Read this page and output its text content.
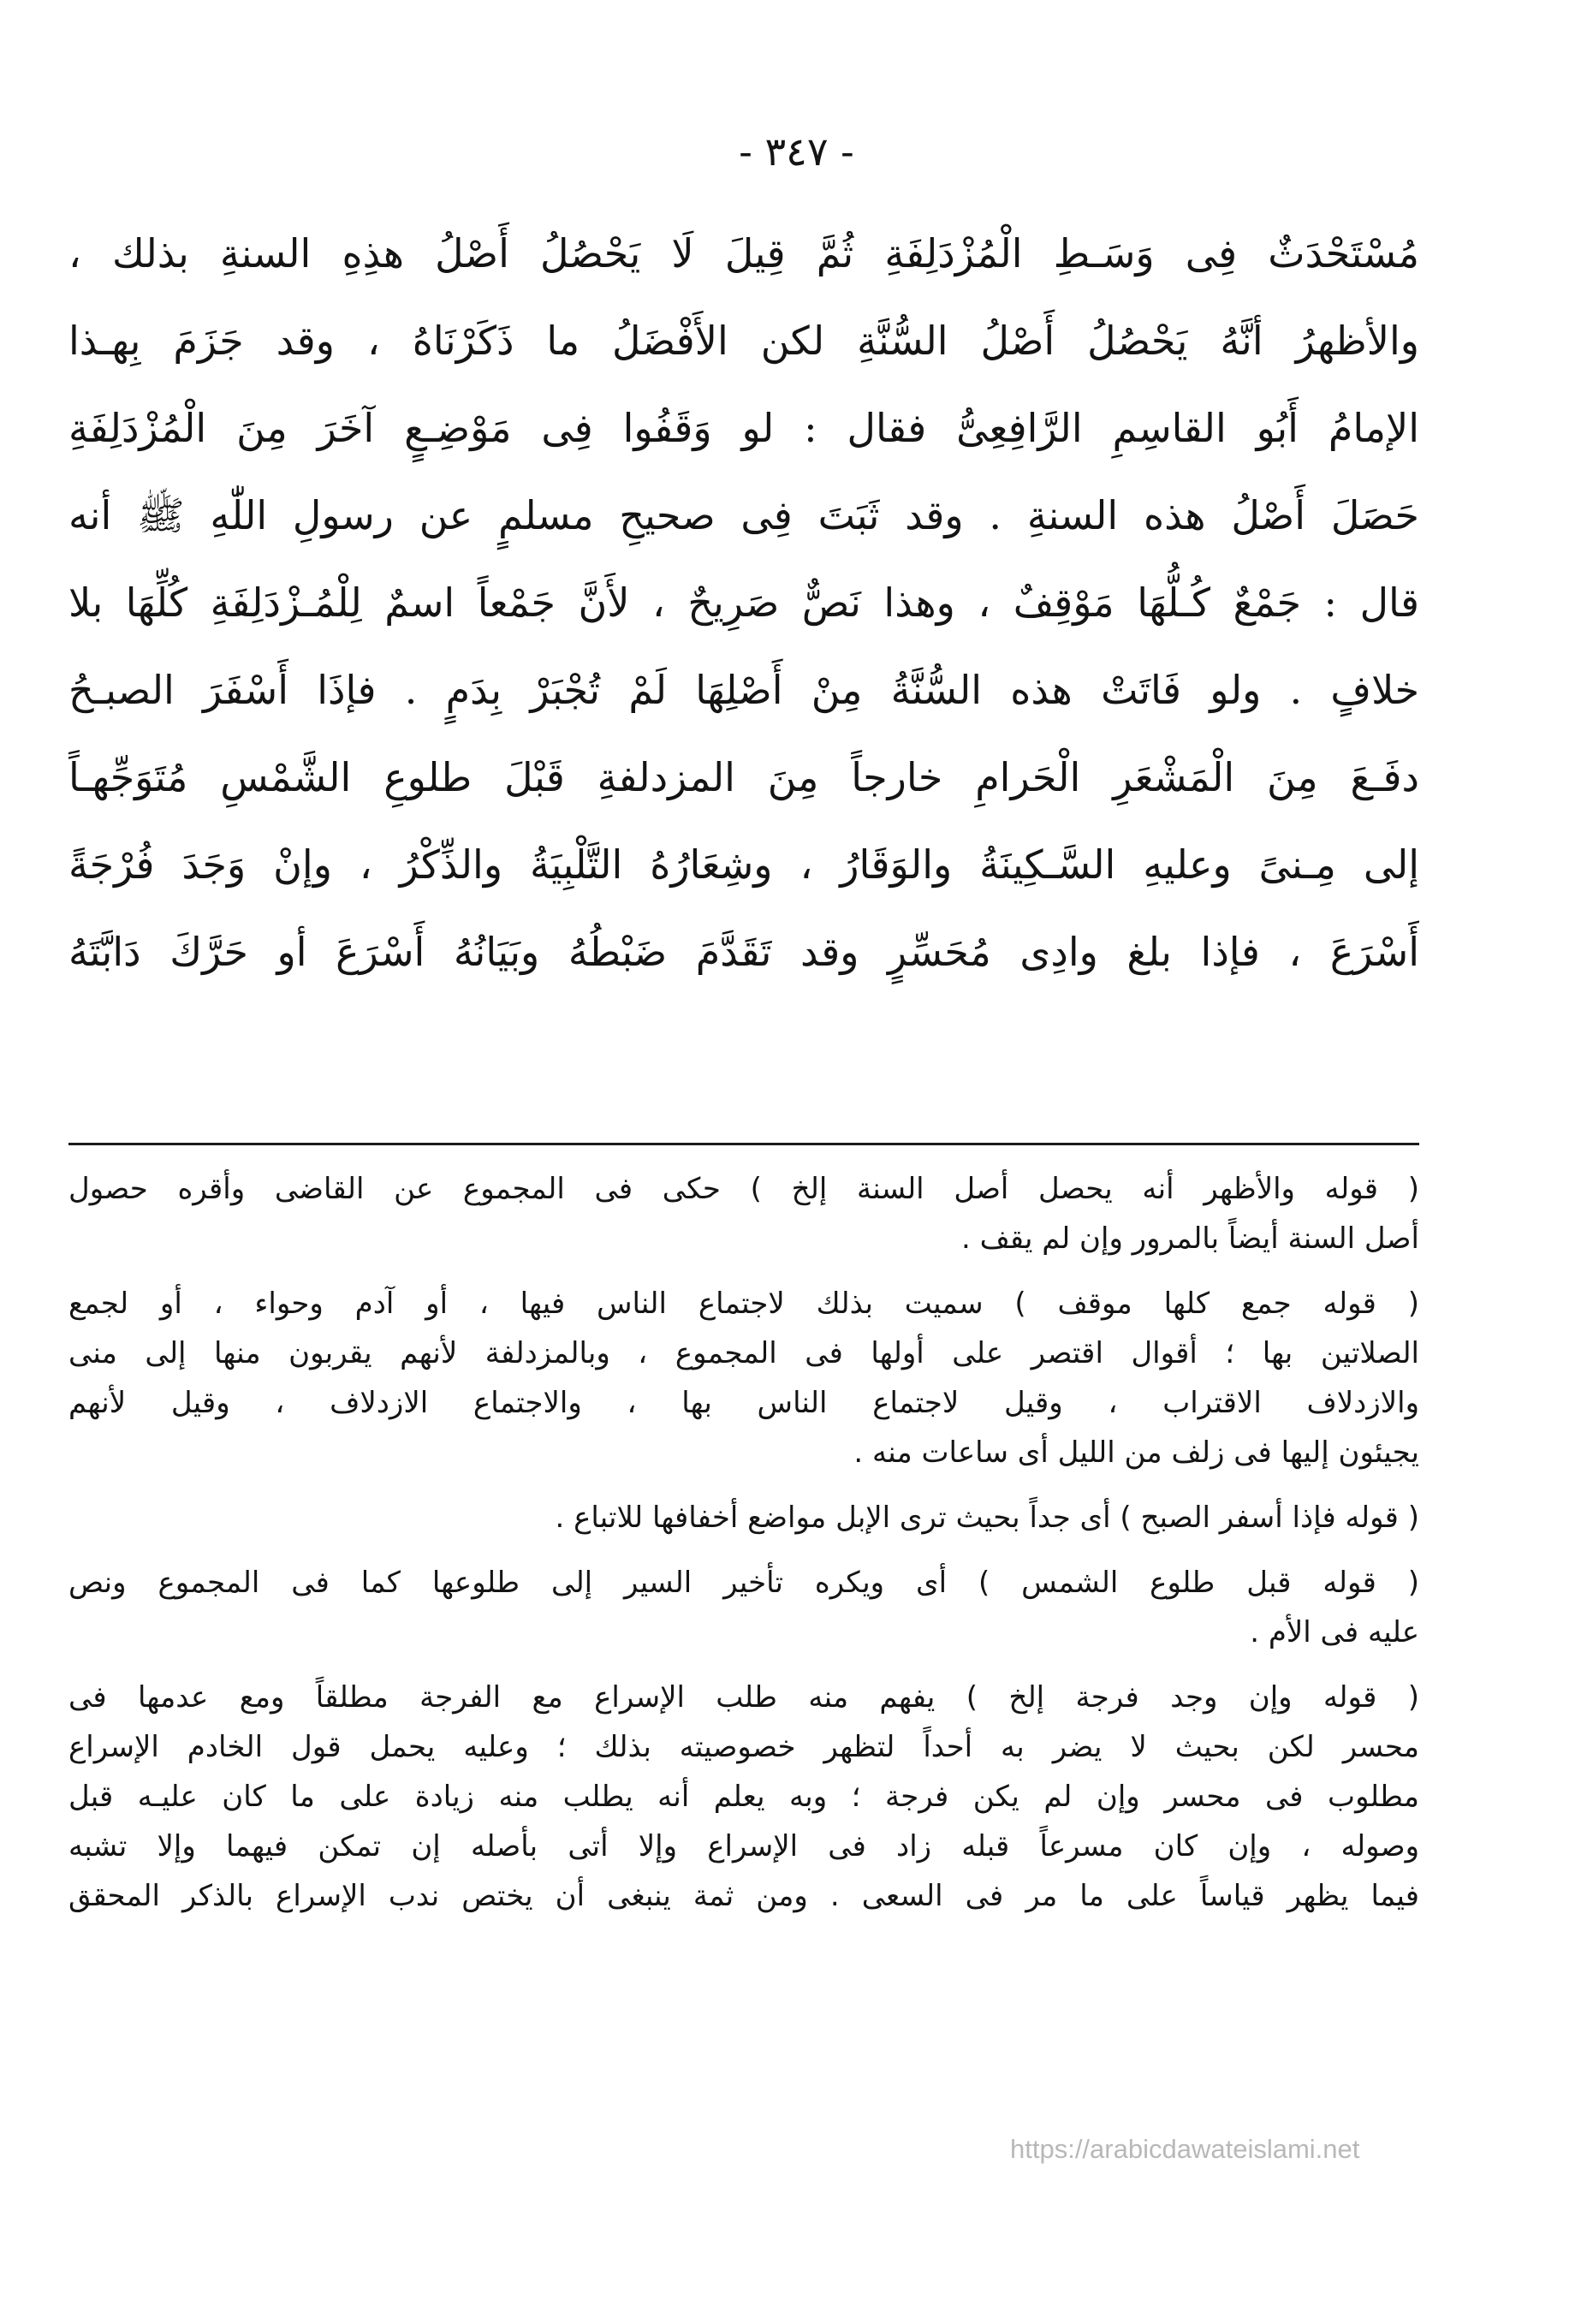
- ٣٤٧ -
مُسْتَحْدَثٌ فِى وَسَـطِ الْمُزْدَلِفَةِ ثُمَّ قِيلَ لَا يَحْصُلُ أَصْلُ هذِهِ السنةِ بذلك ،
والأظهرُ أنَّهُ يَحْصُلُ أَصْلُ السُّنَّةِ لكن الأَفْضَلُ ما ذَكَرْنَاهُ ، وقد جَزَمَ بِهـذا
الإمامُ أَبُو القاسِمِ الرَّافِعِىُّ فقال : لو وَقَفُوا فِى مَوْضِـعٍ آخَرَ مِنَ الْمُزْدَلِفَةِ
حَصَلَ أَصْلُ هذه السنةِ . وقد ثَبَتَ فِى صحيحِ مسلمٍ عن رسولِ اللّٰهِ ﷺ أنه
قال : جَمْعٌ كُـلُّهَا مَوْقِفٌ ، وهذا نَصٌّ صَرِيحٌ ، لأَنَّ جَمْعاً اسمٌ لِلْمُـزْدَلِفَةِ كُلِّهَا بلا
خلافٍ . ولو فَاتَتْ هذه السُّنَّةُ مِنْ أَصْلِهَا لَمْ تُجْبَرْ بِدَمٍ . فإذَا أَسْفَرَ الصبـحُ
دفَـعَ مِنَ الْمَشْعَرِ الْحَرامِ خارجاً مِنَ المزدلفةِ قَبْلَ طلوعِ الشَّمْسِ مُتَوَجِّهـاً
إلى مِـنىً وعليهِ السَّـكِينَةُ والوَقَارُ ، وشِعَارُهُ التَّلْبِيَةُ والذِّكْرُ ، وإنْ وَجَدَ فُرْجَةً
أَسْرَعَ ، فإذا بلغ وادِى مُحَسِّرٍ وقد تَقَدَّمَ ضَبْطُهُ وبَيَانُهُ أَسْرَعَ أو حَرَّكَ دَابَّتَهُ
( قوله والأظهر أنه يحصل أصل السنة إلخ ) حكى فى المجموع عن القاضى وأقره حصول
أصل السنة أيضاً بالمرور وإن لم يقف .
( قوله جمع كلها موقف ) سميت بذلك لاجتماع الناس فيها ، أو آدم وحواء ، أو لجمع
الصلاتين بها ؛ أقوال اقتصر على أولها فى المجموع ، وبالمزدلفة لأنهم يقربون منها إلى منى
والازدلاف الاقتراب ، وقيل لاجتماع الناس بها ، والاجتماع الازدلاف ، وقيل لأنهم
يجيئون إليها فى زلف من الليل أى ساعات منه .
( قوله فإذا أسفر الصبح ) أى جداً بحيث ترى الإبل مواضع أخفافها للاتباع .
( قوله قبل طلوع الشمس ) أى ويكره تأخير السير إلى طلوعها كما فى المجموع ونص
عليه فى الأم .
( قوله وإن وجد فرجة إلخ ) يفهم منه طلب الإسراع مع الفرجة مطلقاً ومع عدمها فى
محسر لكن بحيث لا يضر به أحداً لتظهر خصوصيته بذلك ؛ وعليه يحمل قول الخادم الإسراع
مطلوب فى محسر وإن لم يكن فرجة ؛ وبه يعلم أنه يطلب منه زيادة على ما كان عليـه قبل
وصوله ، وإن كان مسرعاً قبله زاد فى الإسراع وإلا أتى بأصله إن تمكن فيهما وإلا تشبه
فيما يظهر قياساً على ما مر فى السعى . ومن ثمة ينبغى أن يختص ندب الإسراع بالذكر المحقق
https://arabicdawateislami.net
